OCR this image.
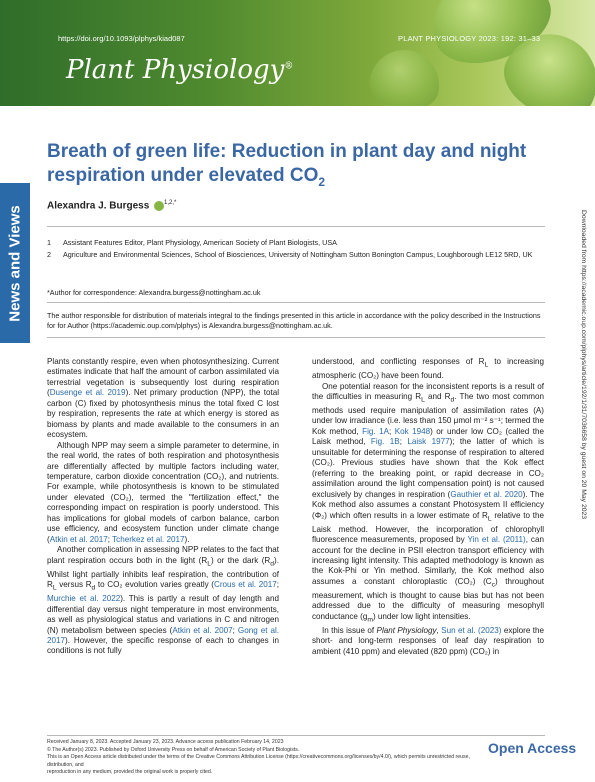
https://doi.org/10.1093/plphys/kiad087	PLANT PHYSIOLOGY 2023: 192: 31–33
Plant Physiology®
News and Views
Breath of green life: Reduction in plant day and night respiration under elevated $CO_2$
Alexandra J. Burgess $^{1,2,*}$
1 Assistant Features Editor, Plant Physiology, American Society of Plant Biologists, USA
2 Agriculture and Environmental Sciences, School of Biosciences, University of Nottingham Sutton Bonington Campus, Loughborough LE12 5RD, UK
*Author for correspondence: Alexandra.burgess@nottingham.ac.uk
The author responsible for distribution of materials integral to the findings presented in this article in accordance with the policy described in the Instructions for for Author (https://academic.oup.com/plphys) is Alexandra.burgess@nottingham.ac.uk.

Plants constantly respire, even when photosynthesizing. Current estimates indicate that half the amount of carbon assimilated via terrestrial vegetation is subsequently lost during respiration (Dusenge et al. 2019). Net primary production (NPP), the total carbon (C) fixed by photosynthesis minus the total fixed C lost by respiration, represents the rate at which energy is stored as biomass by plants and made available to the consumers in an ecosystem.

Although NPP may seem a simple parameter to determine, in the real world, the rates of both respiration and photosynthesis are differentially affected by multiple factors including water, temperature, carbon dioxide concentration (CO₂), and nutrients. For example, while photosynthesis is known to be stimulated under elevated (CO₂), termed the "fertilization effect," the corresponding impact on respiration is poorly understood. This has implications for global models of carbon balance, carbon use efficiency, and ecosystem function under climate change (Atkin et al. 2017; Tcherkez et al. 2017).

Another complication in assessing NPP relates to the fact that plant respiration occurs both in the light $(R_L)$ or the dark $(R_d)$. Whilst light partially inhibits leaf respiration, the contribution of $R_L$ versus $R_d$ to CO₂ evolution varies greatly (Crous et al. 2017; Murchie et al. 2022). This is partly a result of day length and differential day versus night temperature in most environments, as well as physiological status and variations in C and nitrogen (N) metabolism between species (Atkin et al. 2007; Gong et al. 2017). However, the specific response of each to changes in conditions is not fully

understood, and conflicting responses of $R_L$ to increasing atmospheric (CO₂) have been found.

One potential reason for the inconsistent reports is a result of the difficulties in measuring $R_L$ and $R_d$. The two most common methods used require manipulation of assimilation rates (A) under low irradiance (i.e. less than 150 μmol m⁻² s⁻¹; termed the Kok method, Fig. 1A; Kok 1948) or under low CO₂ (called the Laisk method, Fig. 1B; Laisk 1977); the latter of which is unsuitable for determining the response of respiration to altered (CO₂). Previous studies have shown that the Kok effect (referring to the breaking point, or rapid decrease in CO₂ assimilation around the light compensation point) is not caused exclusively by changes in respiration (Gauthier et al. 2020). The Kok method also assumes a constant Photosystem II efficiency (Φ₂) which often results in a lower estimate of $R_L$ relative to the Laisk method. However, the incorporation of chlorophyll fluorescence measurements, proposed by Yin et al. (2011), can account for the decline in PSII electron transport efficiency with increasing light intensity. This adapted methodology is known as the Kok-Phi or Yin method. Similarly, the Kok method also assumes a constant chloroplastic (CO₂) $(C_c)$ throughout measurement, which is thought to cause bias but has not been addressed due to the difficulty of measuring mesophyll conductance $(g_m)$ under low light intensities.

In this issue of Plant Physiology, Sun et al. (2023) explore the short- and long-term responses of leaf day respiration to ambient (410 ppm) and elevated (820 ppm) (CO₂) in

Downloaded from https://academic.oup.com/plphys/article/192/1/31/7036658 by guest on 20 May 2023
Received January 8, 2023. Accepted January 23, 2023. Advance access publication February 14, 2023
© The Author(s) 2023. Published by Oxford University Press on behalf of American Society of Plant Biologists.
This is an Open Access article distributed under the terms of the Creative Commons Attribution License (https://creativecommons.org/licenses/by/4.0/), which permits unrestricted reuse, distribution, and
reproduction in any medium, provided the original work is properly cited.
Open Access
